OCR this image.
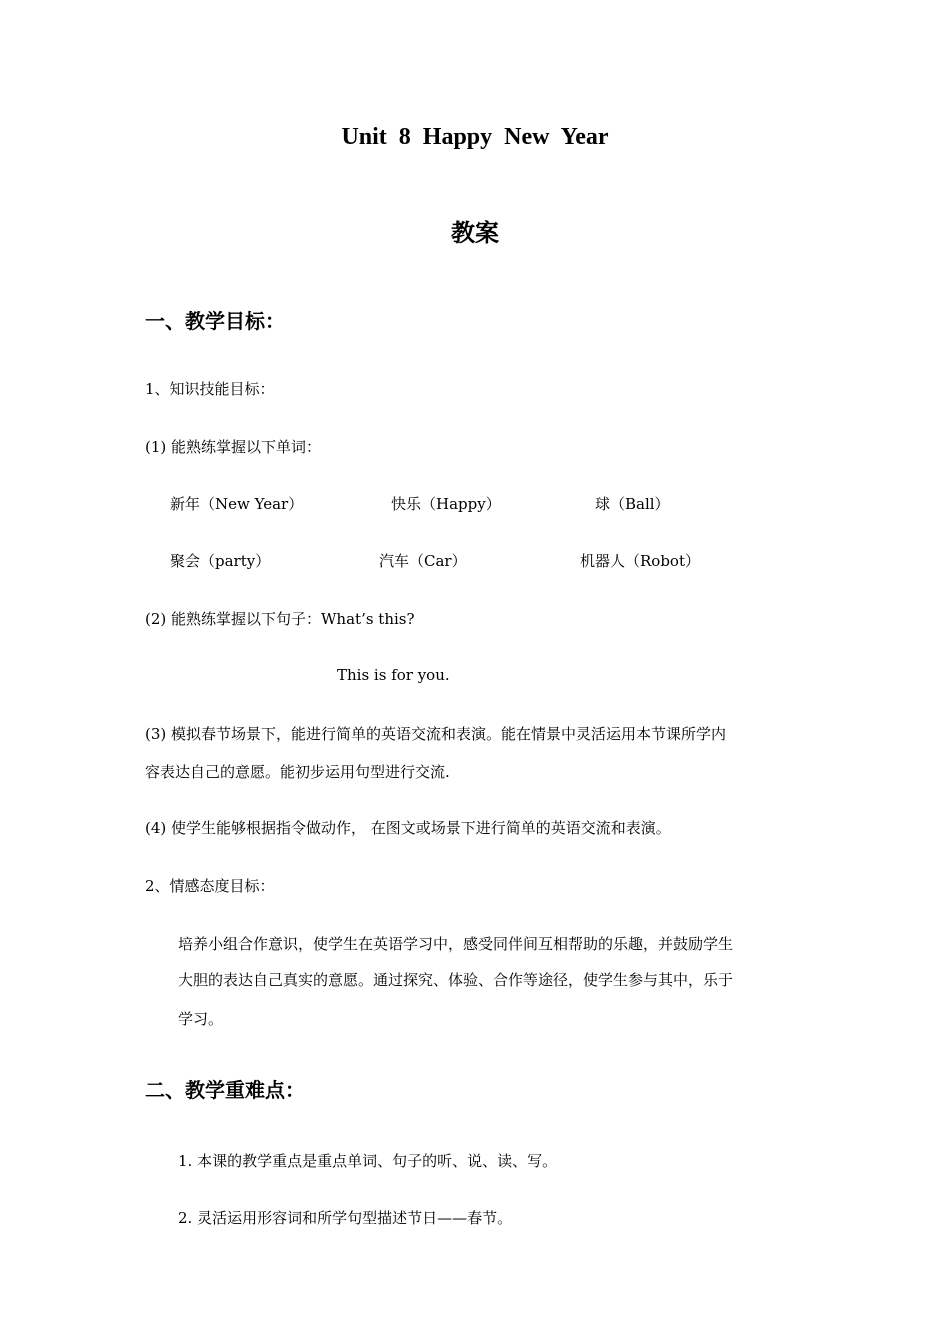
Unit 8 Happy New Year
教案
一、教学目标：
1、知识技能目标：
(1) 能熟练掌握以下单词：
新年（New Year）	快乐（Happy）	球（Ball）
聚会（party）	汽车（Car）	机器人（Robot）
(2) 能熟练掌握以下句子：What’s this?
This is for you.
(3) 模拟春节场景下，能进行简单的英语交流和表演。能在情景中灵活运用本节课所学内
容表达自己的意愿。能初步运用句型进行交流.
(4) 使学生能够根据指令做动作， 在图文或场景下进行简单的英语交流和表演。
2、情感态度目标：
培养小组合作意识，使学生在英语学习中，感受同伴间互相帮助的乐趣，并鼓励学生
大胆的表达自己真实的意愿。通过探究、体验、合作等途径，使学生参与其中，乐于
学习。
二、教学重难点：
1. 本课的教学重点是重点单词、句子的听、说、读、写。
2. 灵活运用形容词和所学句型描述节日——春节。
